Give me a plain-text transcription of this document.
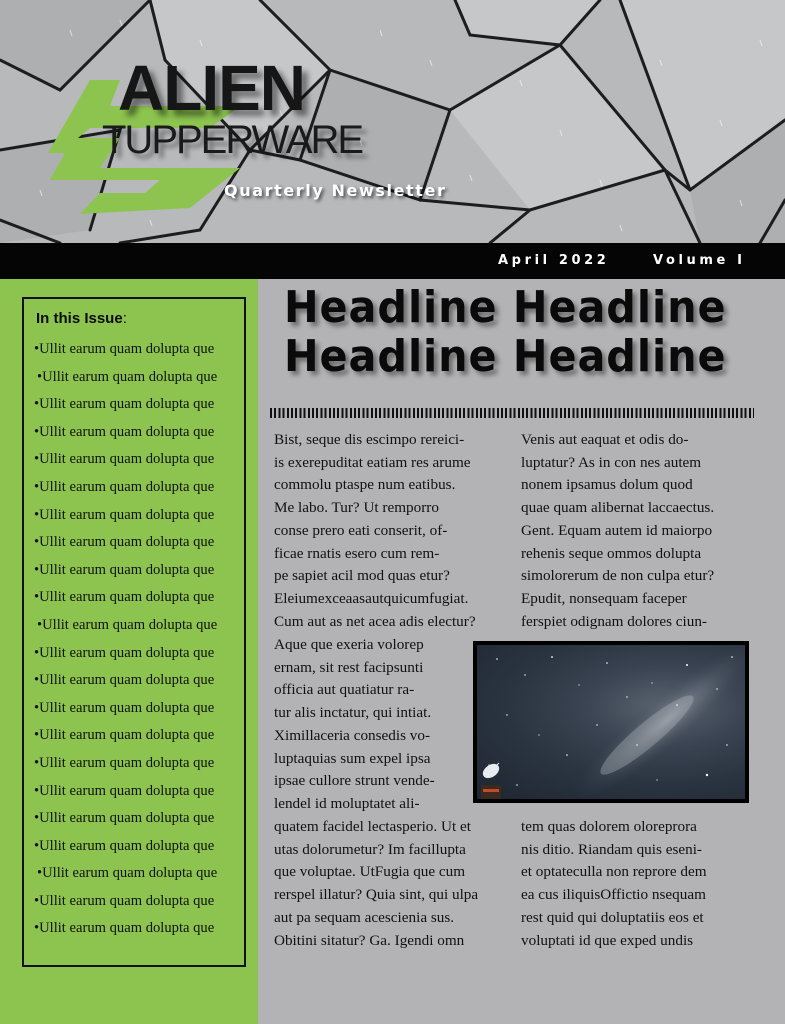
ALIEN
TUPPERWARE
Quarterly Newsletter
April 2022	Volume I
In this Issue:
•Ullit earum quam dolupta que
•Ullit earum quam dolupta que
•Ullit earum quam dolupta que
•Ullit earum quam dolupta que
•Ullit earum quam dolupta que
•Ullit earum quam dolupta que
•Ullit earum quam dolupta que
•Ullit earum quam dolupta que
•Ullit earum quam dolupta que
•Ullit earum quam dolupta que
•Ullit earum quam dolupta que
•Ullit earum quam dolupta que
•Ullit earum quam dolupta que
•Ullit earum quam dolupta que
•Ullit earum quam dolupta que
•Ullit earum quam dolupta que
•Ullit earum quam dolupta que
•Ullit earum quam dolupta que
•Ullit earum quam dolupta que
•Ullit earum quam dolupta que
•Ullit earum quam dolupta que
•Ullit earum quam dolupta que
Headline Headline
Headline Headline
Bist, seque dis escimpo rereici-
is exerepuditat eatiam res arume
commolu ptaspe num eatibus.
Me labo. Tur? Ut remporro
conse prero eati conserit, of-
ficae rnatis esero cum rem-
pe sapiet acil mod quas etur?
Eleiumexceaasautquicumfugiat.
Cum aut as net acea adis electur?
Aque que exeria volorep
ernam, sit rest facipsunti
officia aut quatiatur ra-
tur alis inctatur, qui intiat.
Ximillaceria consedis vo-
luptaquias sum expel ipsa
ipsae cullore strunt vende-
lendel id moluptatet ali-
quatem facidel lectasperio. Ut et
utas dolorumetur? Im facillupta
que voluptae. UtFugia que cum
rerspel illatur? Quia sint, qui ulpa
aut pa sequam acescienia sus.
Obitini sitatur? Ga. Igendi omn
Venis aut eaquat et odis do-
luptatur? As in con nes autem
nonem ipsamus dolum quod
quae quam alibernat laccaectus.
Gent. Equam autem id maiorpo
rehenis seque ommos dolupta
simolorerum de non culpa etur?
Epudit, nonsequam faceper
ferspiet odignam dolores ciun-
tem quas dolorem oloreprora
nis ditio. Riandam quis eseni-
et optateculla non reprore dem
ea cus iliquisOffictio nsequam
rest quid qui doluptatiis eos et
voluptati id que exped undis
